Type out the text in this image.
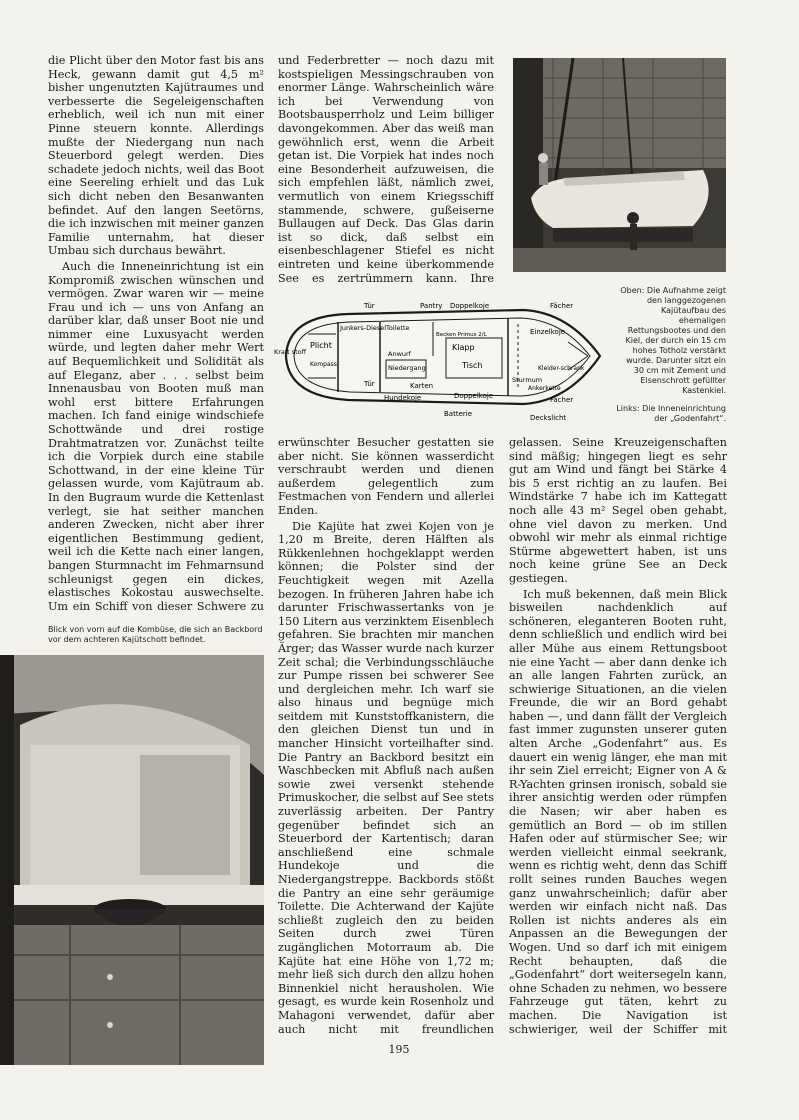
die Plicht über den Motor fast bis ans Heck, gewann damit gut 4,5 m² bisher ungenutzten Kajütraumes und verbesserte die Segeleigenschaften erheblich, weil ich nun mit einer Pinne steuern konnte. Allerdings mußte der Niedergang nun nach Steuerbord gelegt werden. Dies schadete jedoch nichts, weil das Boot eine Seereling erhielt und das Luk sich dicht neben den Besanwanten befindet. Auf den langen Seetörns, die ich inzwischen mit meiner ganzen Familie unternahm, hat dieser Umbau sich durchaus bewährt.

Auch die Inneneinrichtung ist ein Kompromiß zwischen wünschen und vermögen. Zwar waren wir — meine Frau und ich — uns von Anfang an darüber klar, daß unser Boot nie und nimmer eine Luxusyacht werden würde, und legten daher mehr Wert auf Bequemlichkeit und Solidität als auf Eleganz, aber . . . selbst beim Innenausbau von Booten muß man wohl erst bittere Erfahrungen machen. Ich fand einige windschiefe Schottwände und drei rostige Drahtmatratzen vor. Zunächst teilte ich die Vorpiek durch eine stabile Schottwand, in der eine kleine Tür gelassen wurde, vom Kajütraum ab. In den Bugraum wurde die Kettenlast verlegt, sie hat seither manchen anderen Zwecken, nicht aber ihrer eigentlichen Bestimmung gedient, weil ich die Kette nach einer langen, bangen Sturmnacht im Fehmarnsund schleunigst gegen ein dickes, elastisches Kokostau auswechselte. Um ein Schiff von dieser Schwere zu

und Federbretter — noch dazu mit kostspieligen Messingschrauben von enormer Länge. Wahrscheinlich wäre ich bei Verwendung von Bootsbausperrholz und Leim billiger davongekommen. Aber das weiß man gewöhnlich erst, wenn die Arbeit getan ist. Die Vorpiek hat indes noch eine Besonderheit aufzuweisen, die sich empfehlen läßt, nämlich zwei, vermutlich von einem Kriegsschiff stammende, schwere, gußeiserne Bullaugen auf Deck. Das Glas darin ist so dick, daß selbst ein eisenbeschlagener Stiefel es nicht eintreten und keine überkommende See es zertrümmern kann. Ihre

Oben: Die Aufnahme zeigt den langgezogenen Kajütaufbau des ehemaligen Rettungsbootes und den Kiel, der durch ein 15 cm hohes Totholz verstärkt wurde. Darunter sitzt ein 30 cm mit Zement und Eisenschrott gefüllter Kastenkiel.
Tür	Pantry Doppelkoje	Fächer
Junkers-Diesel Toilette
Becken Primus 2/L	Einzelkoje
Plicht
Kompass
Kraft stoff	Klapp
Tisch
Anwurf
Niedergang
Sturmum
Tür	Karten
Kleider-schrank
Hundekoje	Doppelkoje	Fächer
Ankerkette
Batterie	Deckslicht
Links: Die Inneneinrichtung der „Godenfahrt“.
Blick von vorn auf die Kombüse, die sich an Backbord vor dem achteren Kajütschott befindet.

erwünschter Besucher gestatten sie aber nicht. Sie können wasserdicht verschraubt werden und dienen außerdem gelegentlich zum Festmachen von Fendern und allerlei Enden.

Die Kajüte hat zwei Kojen von je 1,20 m Breite, deren Hälften als Rükkenlehnen hochgeklappt werden können; die Polster sind der Feuchtigkeit wegen mit Azella bezogen. In früheren Jahren habe ich darunter Frischwassertanks von je 150 Litern aus verzinktem Eisenblech gefahren. Sie brachten mir manchen Ärger; das Wasser wurde nach kurzer Zeit schal; die Verbindungsschläuche zur Pumpe rissen bei schwerer See und dergleichen mehr. Ich warf sie also hinaus und begnüge mich seitdem mit Kunststoffkanistern, die den gleichen Dienst tun und in mancher Hinsicht vorteilhafter sind. Die Pantry an Backbord besitzt ein Waschbecken mit Abfluß nach außen sowie zwei versenkt stehende Primuskocher, die selbst auf See stets zuverlässig arbeiten. Der Pantry gegenüber befindet sich an Steuerbord der Kartentisch; daran anschließend eine schmale Hundekoje und die Niedergangstreppe. Backbords stößt die Pantry an eine sehr geräumige Toilette. Die Achterwand der Kajüte schließt zugleich den zu beiden Seiten durch zwei Türen zugänglichen Motorraum ab. Die Kajüte hat eine Höhe von 1,72 m; mehr ließ sich durch den allzu hohen Binnenkiel nicht herausholen. Wie gesagt, es wurde kein Rosenholz und Mahagoni verwendet, dafür aber auch nicht mit freundlichen

gelassen. Seine Kreuzeigenschaften sind mäßig; hingegen liegt es sehr gut am Wind und fängt bei Stärke 4 bis 5 erst richtig an zu laufen. Bei Windstärke 7 habe ich im Kattegatt noch alle 43 m² Segel oben gehabt, ohne viel davon zu merken. Und obwohl wir mehr als einmal richtige Stürme abgewettert haben, ist uns noch keine grüne See an Deck gestiegen.

Ich muß bekennen, daß mein Blick bisweilen nachdenklich auf schöneren, eleganteren Booten ruht, denn schließlich und endlich wird bei aller Mühe aus einem Rettungsboot nie eine Yacht — aber dann denke ich an alle langen Fahrten zurück, an schwierige Situationen, an die vielen Freunde, die wir an Bord gehabt haben —, und dann fällt der Vergleich fast immer zugunsten unserer guten alten Arche „Godenfahrt“ aus. Es dauert ein wenig länger, ehe man mit ihr sein Ziel erreicht; Eigner von A & R-Yachten grinsen ironisch, sobald sie ihrer ansichtig werden oder rümpfen die Nasen; wir aber haben es gemütlich an Bord — ob im stillen Hafen oder auf stürmischer See; wir werden vielleicht einmal seekrank, wenn es richtig weht, denn das Schiff rollt seines runden Bauches wegen ganz unwahrscheinlich; dafür aber werden wir einfach nicht naß. Das Rollen ist nichts anderes als ein Anpassen an die Bewegungen der Wogen. Und so darf ich mit einigem Recht behaupten, daß die „Godenfahrt“ dort weitersegeln kann, ohne Schaden zu nehmen, wo bessere Fahrzeuge gut täten, kehrt zu machen. Die Navigation ist schwieriger, weil der Schiffer mit

195
